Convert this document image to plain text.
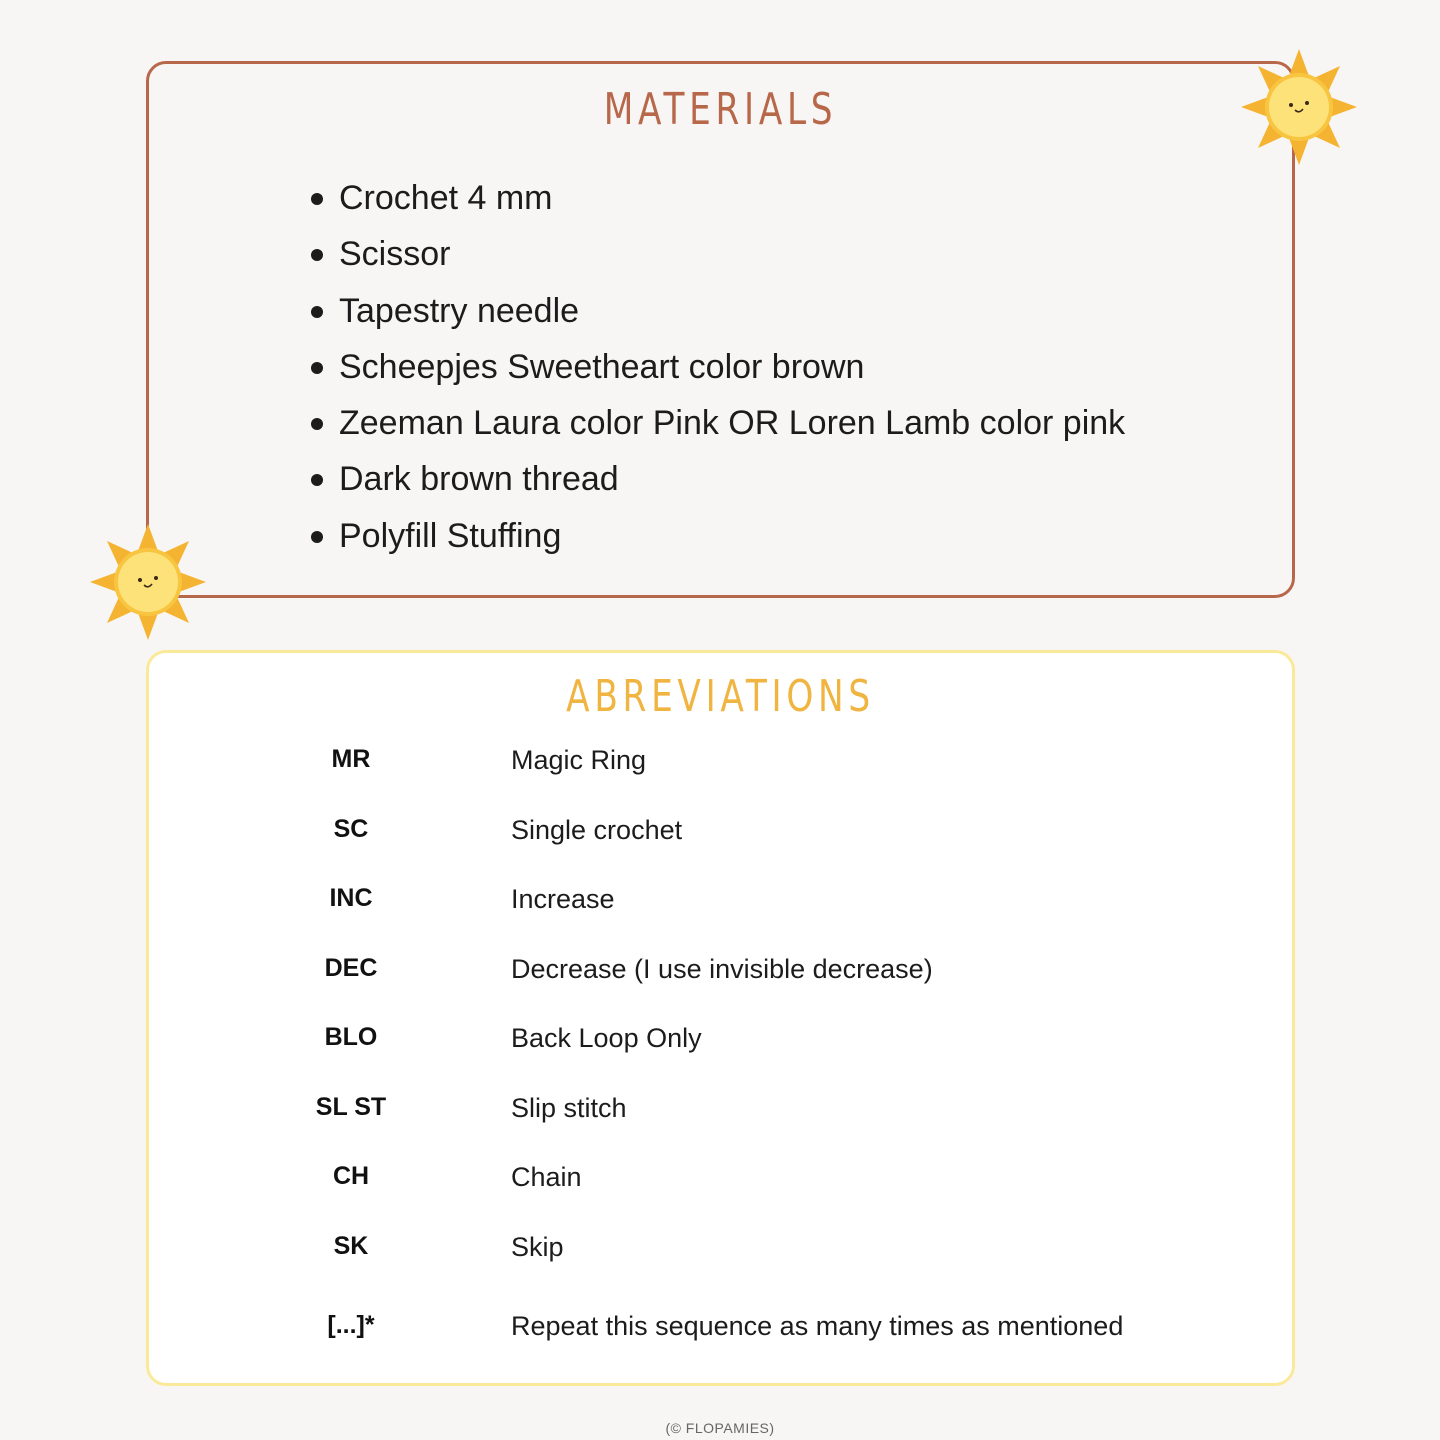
MATERIALS
Crochet 4 mm
Scissor
Tapestry needle
Scheepjes Sweetheart color brown
Zeeman Laura color Pink OR Loren Lamb color pink
Dark brown thread
Polyfill Stuffing
ABREVIATIONS
MR	Magic Ring
SC	Single crochet
INC	Increase
DEC	Decrease (I use invisible decrease)
BLO	Back Loop Only
SL ST	Slip stitch
CH	Chain
SK	Skip
[...]*	Repeat this sequence as many times as mentioned
(© FLOPAMIES)
